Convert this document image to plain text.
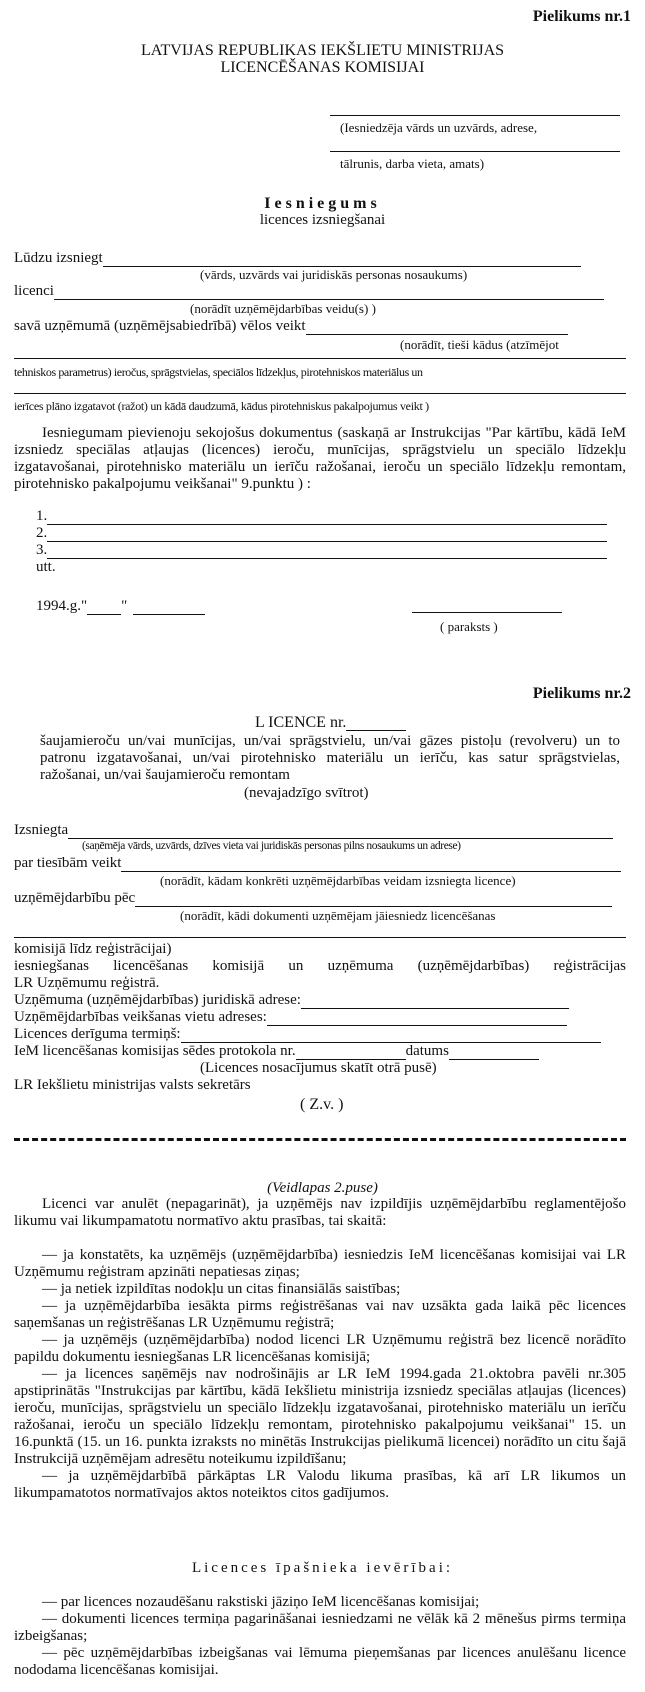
Pielikums nr.1
LATVIJAS REPUBLIKAS IEKŠLIETU MINISTRIJAS
LICENCĒŠANAS KOMISIJAI
(Iesniedzēja vārds un uzvārds, adrese,
tālrunis, darba vieta, amats)
Iesniegums
licences izsniegšanai
Lūdzu izsniegt
(vārds, uzvārds vai juridiskās personas nosaukums)
licenci
(norādīt uzņēmējdarbības veidu(s) )
savā uzņēmumā (uzņēmējsabiedrībā) vēlos veikt
(norādīt, tieši kādus (atzīmējot
tehniskos parametrus) ieročus, sprāgstvielas, speciālos līdzekļus, pirotehniskos materiālus un
ierīces plāno izgatavot (ražot) un kādā daudzumā, kādus pirotehniskus pakalpojumus veikt )
Iesniegumam pievienoju sekojošus dokumentus (saskaņā ar Instrukcijas "Par kārtību, kādā IeM izsniedz speciālas atļaujas (licences) ieroču, munīcijas, sprāgstvielu un speciālo līdzekļu izgatavošanai, pirotehnisko materiālu un ierīču ražošanai, ieroču un speciālo līdzekļu remontam, pirotehnisko pakalpojumu veikšanai" 9.punktu ) :
1.
2.
3.
utt.
1994.g." "
( paraksts )
Pielikums nr.2
L ICENCE nr.
šaujamieroču un/vai munīcijas, un/vai sprāgstvielu, un/vai gāzes pistoļu (revolveru) un to patronu izgatavošanai, un/vai pirotehnisko materiālu un ierīču, kas satur sprāgstvielas, ražošanai, un/vai šaujamieroču remontam
(nevajadzīgo svītrot)
Izsniegta
(saņēmēja vārds, uzvārds, dzīves vieta vai juridiskās personas pilns nosaukums un adrese)
par tiesībām veikt
(norādīt, kādam konkrēti uzņēmējdarbības veidam izsniegta licence)
uzņēmējdarbību pēc
(norādīt, kādi dokumenti uzņēmējam jāiesniedz licencēšanas
komisijā līdz reģistrācijai)
iesniegšanas licencēšanas komisijā un uzņēmuma (uzņēmējdarbības) reģistrācijas
LR Uzņēmumu reģistrā.
Uzņēmuma (uzņēmējdarbības) juridiskā adrese:
Uzņēmējdarbības veikšanas vietu adreses:
Licences derīguma termiņš:
IeM licencēšanas komisijas sēdes protokola nr.	datums
(Licences nosacījumus skatīt otrā pusē)
LR Iekšlietu ministrijas valsts sekretārs
( Z.v. )
(Veidlapas 2.puse)
Licenci var anulēt (nepagarināt), ja uzņēmējs nav izpildījis uzņēmējdarbību reglamentējošo likumu vai likumpamatotu normatīvo aktu prasības, tai skaitā:
— ja konstatēts, ka uzņēmējs (uzņēmējdarbība) iesniedzis IeM licencēšanas komisijai vai LR Uzņēmumu reģistram apzināti nepatiesas ziņas;
— ja netiek izpildītas nodokļu un citas finansiālās saistības;
— ja uzņēmējdarbība iesākta pirms reģistrēšanas vai nav uzsākta gada laikā pēc licences saņemšanas un reģistrēšanas LR Uzņēmumu reģistrā;
— ja uzņēmējs (uzņēmējdarbība) nodod licenci LR Uzņēmumu reģistrā bez licencē norādīto papildu dokumentu iesniegšanas LR licencēšanas komisijā;
— ja licences saņēmējs nav nodrošinājis ar LR IeM 1994.gada 21.oktobra pavēli nr.305 apstiprinātās "Instrukcijas par kārtību, kādā Iekšlietu ministrija izsniedz speciālas atļaujas (licences) ieroču, munīcijas, sprāgstvielu un speciālo līdzekļu izgatavošanai, pirotehnisko materiālu un ierīču ražošanai, ieroču un speciālo līdzekļu remontam, pirotehnisko pakalpojumu veikšanai" 15. un 16.punktā (15. un 16. punkta izraksts no minētās Instrukcijas pielikumā licencei) norādīto un citu šajā Instrukcijā uzņēmējam adresētu noteikumu izpildīšanu;
— ja uzņēmējdarbībā pārkāptas LR Valodu likuma prasības, kā arī LR likumos un likumpamatotos normatīvajos aktos noteiktos citos gadījumos.
Licences īpašnieka ievērībai:
— par licences nozaudēšanu rakstiski jāziņo IeM licencēšanas komisijai;
— dokumenti licences termiņa pagarināšanai iesniedzami ne vēlāk kā 2 mēnešus pirms termiņa izbeigšanas;
— pēc uzņēmējdarbības izbeigšanas vai lēmuma pieņemšanas par licences anulēšanu licence nododama licencēšanas komisijai.
